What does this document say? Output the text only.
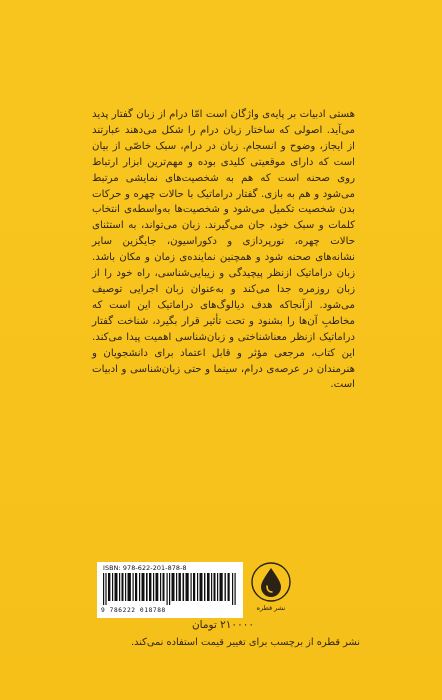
هستی ادبیات بر پایه‌ی واژگان است امّا درام از زبان گفتار پدید می‌آید. اصولی که ساختار زبان درام را شکل می‌دهند عبارتند از ایجاز، وضوح و انسجام. زبان در درام، سبک خاصّی از بیان است که دارای موقعیتی کلیدی بوده و مهم‌ترین ابزار ارتباط روی صحنه است که هم به شخصیت‌های نمایشی مرتبط می‌شود و هم به بازی. گفتار دراماتیک با حالات چهره و حرکات بدن شخصیت تکمیل می‌شود و شخصیت‌ها به‌واسطه‌ی انتخاب کلمات و سبک خود، جان می‌گیرند. زبان می‌تواند، به استثنای حالات چهره، نورپردازی و دکوراسیون، جایگزین سایر نشانه‌های صحنه شود و همچنین نماینده‌ی زمان و مکان باشد. زبان دراماتیک ازنظر پیچیدگی و زیبایی‌شناسی، راه خود را از زبان روزمره جدا می‌کند و به‌عنوان زبان اجرایی توصیف می‌شود. ازآنجاکه هدف دیالوگ‌های دراماتیک این است که مخاطبِ آن‌ها را بشنود و تحت تأثیر قرار بگیرد، شناخت گفتار دراماتیک ازنظر معناشناختی و زبان‌شناسی اهمیت پیدا می‌کند. این کتاب، مرجعی مؤثر و قابل اعتماد برای دانشجویان و هنرمندان در عرصه‌ی درام، سینما و حتی زبان‌شناسی و ادبیات است.

ISBN: 978-622-201-878-8
9 786222 018788	نشر قطره
۲۱۰۰۰۰ تومان
نشر قطره از برچسب برای تغییر قیمت استفاده نمی‌کند.
